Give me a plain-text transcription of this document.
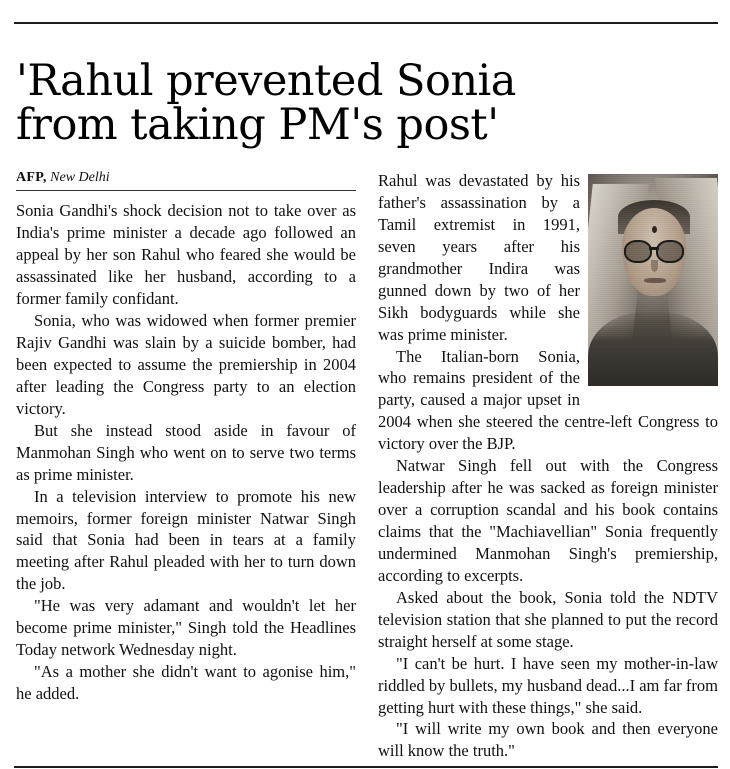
'Rahul prevented Sonia
from taking PM's post'
AFP, New Delhi

Sonia Gandhi's shock decision not to take over as India's prime minister a decade ago followed an appeal by her son Rahul who feared she would be assassinated like her husband, according to a former family confidant.

Sonia, who was widowed when former premier Rajiv Gandhi was slain by a suicide bomber, had been expected to assume the premiership in 2004 after leading the Congress party to an election victory.

But she instead stood aside in favour of Manmohan Singh who went on to serve two terms as prime minister.

In a television interview to promote his new memoirs, former foreign minister Natwar Singh said that Sonia had been in tears at a family meeting after Rahul pleaded with her to turn down the job.

"He was very adamant and wouldn't let her become prime minister," Singh told the Headlines Today network Wednesday night.

"As a mother she didn't want to agonise him," he added.

Rahul was devastated by his father's assassination by a Tamil extremist in 1991, seven years after his grandmother Indira was gunned down by two of her Sikh bodyguards while she was prime minister.

The Italian-born Sonia, who remains president of the party, caused a major upset in 2004 when she steered the centre-left Congress to victory over the BJP.

Natwar Singh fell out with the Congress leadership after he was sacked as foreign minister over a corruption scandal and his book contains claims that the "Machiavellian" Sonia frequently undermined Manmohan Singh's premiership, according to excerpts.

Asked about the book, Sonia told the NDTV television station that she planned to put the record straight herself at some stage.

"I can't be hurt. I have seen my mother-in-law riddled by bullets, my husband dead...I am far from getting hurt with these things," she said.

"I will write my own book and then everyone will know the truth."
